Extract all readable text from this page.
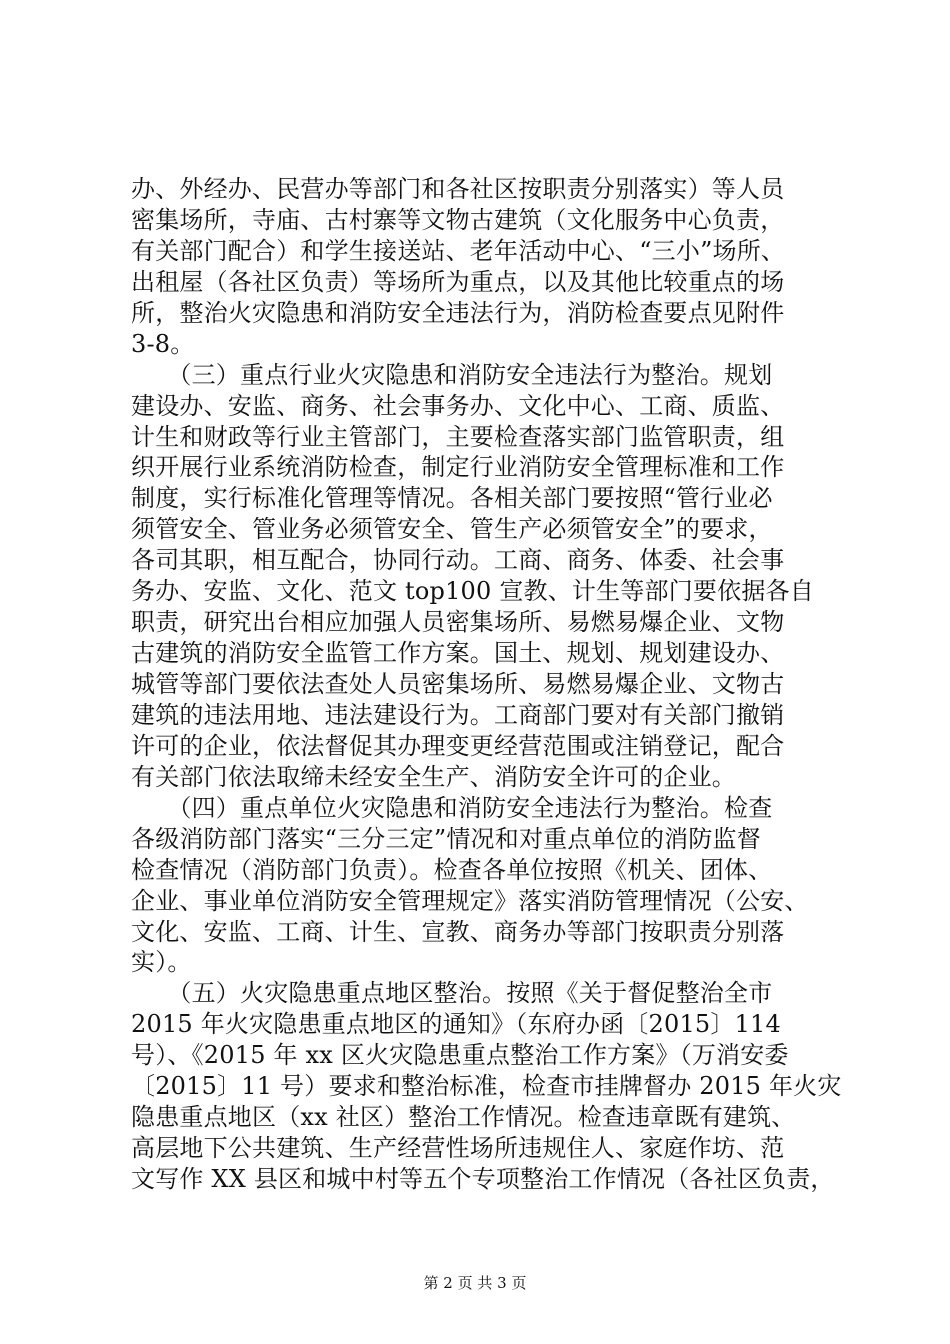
办、外经办、民营办等部门和各社区按职责分别落实）等人员
密集场所，寺庙、古村寨等文物古建筑（文化服务中心负责，
有关部门配合）和学生接送站、老年活动中心、“三小”场所、
出租屋（各社区负责）等场所为重点，以及其他比较重点的场
所，整治火灾隐患和消防安全违法行为，消防检查要点见附件
3-8。
　　（三）重点行业火灾隐患和消防安全违法行为整治。规划
建设办、安监、商务、社会事务办、文化中心、工商、质监、
计生和财政等行业主管部门，主要检查落实部门监管职责，组
织开展行业系统消防检查，制定行业消防安全管理标准和工作
制度，实行标准化管理等情况。各相关部门要按照“管行业必
须管安全、管业务必须管安全、管生产必须管安全”的要求，
各司其职，相互配合，协同行动。工商、商务、体委、社会事
务办、安监、文化、范文 top100 宣教、计生等部门要依据各自
职责，研究出台相应加强人员密集场所、易燃易爆企业、文物
古建筑的消防安全监管工作方案。国土、规划、规划建设办、
城管等部门要依法查处人员密集场所、易燃易爆企业、文物古
建筑的违法用地、违法建设行为。工商部门要对有关部门撤销
许可的企业，依法督促其办理变更经营范围或注销登记，配合
有关部门依法取缔未经安全生产、消防安全许可的企业。
　　（四）重点单位火灾隐患和消防安全违法行为整治。检查
各级消防部门落实“三分三定”情况和对重点单位的消防监督
检查情况（消防部门负责）。检查各单位按照《机关、团体、
企业、事业单位消防安全管理规定》落实消防管理情况（公安、
文化、安监、工商、计生、宣教、商务办等部门按职责分别落
实）。
　　（五）火灾隐患重点地区整治。按照《关于督促整治全市
2015 年火灾隐患重点地区的通知》（东府办函〔2015〕114
号）、《2015 年 xx 区火灾隐患重点整治工作方案》（万消安委
〔2015〕11 号）要求和整治标准，检查市挂牌督办 2015 年火灾
隐患重点地区（xx 社区）整治工作情况。检查违章既有建筑、
高层地下公共建筑、生产经营性场所违规住人、家庭作坊、范
文写作 XX 县区和城中村等五个专项整治工作情况（各社区负责，
第 2 页 共 3 页
